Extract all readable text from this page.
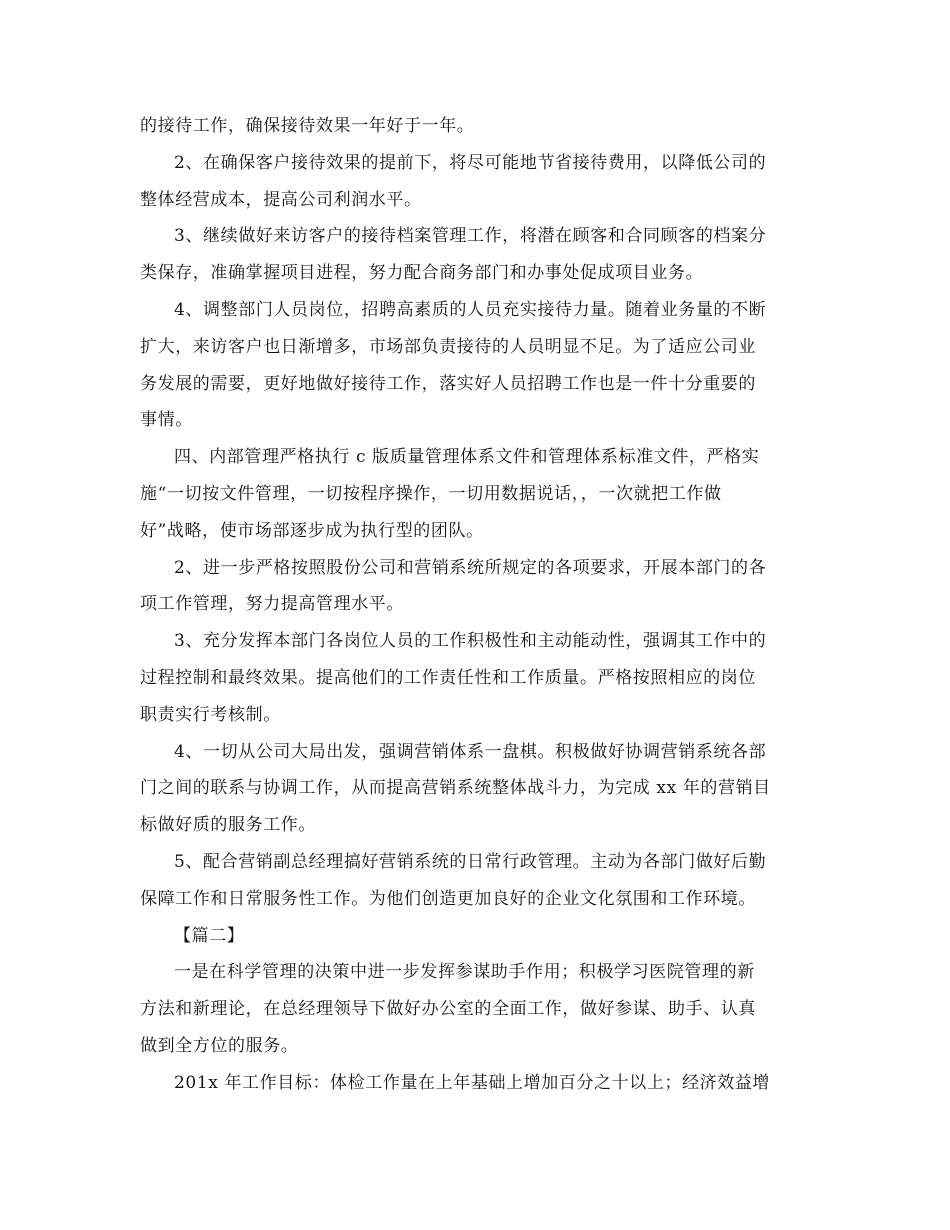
的接待工作，确保接待效果一年好于一年。
2、在确保客户接待效果的提前下，将尽可能地节省接待费用，以降低公司的
整体经营成本，提高公司利润水平。
3、继续做好来访客户的接待档案管理工作，将潜在顾客和合同顾客的档案分
类保存，准确掌握项目进程，努力配合商务部门和办事处促成项目业务。
4、调整部门人员岗位，招聘高素质的人员充实接待力量。随着业务量的不断
扩大，来访客户也日渐增多，市场部负责接待的人员明显不足。为了适应公司业
务发展的需要，更好地做好接待工作，落实好人员招聘工作也是一件十分重要的
事情。
四、内部管理严格执行 c 版质量管理体系文件和管理体系标准文件，严格实
施“一切按文件管理，一切按程序操作，一切用数据说话，，一次就把工作做
好”战略，使市场部逐步成为执行型的团队。
2、进一步严格按照股份公司和营销系统所规定的各项要求，开展本部门的各
项工作管理，努力提高管理水平。
3、充分发挥本部门各岗位人员的工作积极性和主动能动性，强调其工作中的
过程控制和最终效果。提高他们的工作责任性和工作质量。严格按照相应的岗位
职责实行考核制。
4、一切从公司大局出发，强调营销体系一盘棋。积极做好协调营销系统各部
门之间的联系与协调工作，从而提高营销系统整体战斗力，为完成 xx 年的营销目
标做好质的服务工作。
5、配合营销副总经理搞好营销系统的日常行政管理。主动为各部门做好后勤
保障工作和日常服务性工作。为他们创造更加良好的企业文化氛围和工作环境。
【篇二】
一是在科学管理的决策中进一步发挥参谋助手作用；积极学习医院管理的新
方法和新理论，在总经理领导下做好办公室的全面工作，做好参谋、助手、认真
做到全方位的服务。
201x 年工作目标：体检工作量在上年基础上增加百分之十以上；经济效益增
